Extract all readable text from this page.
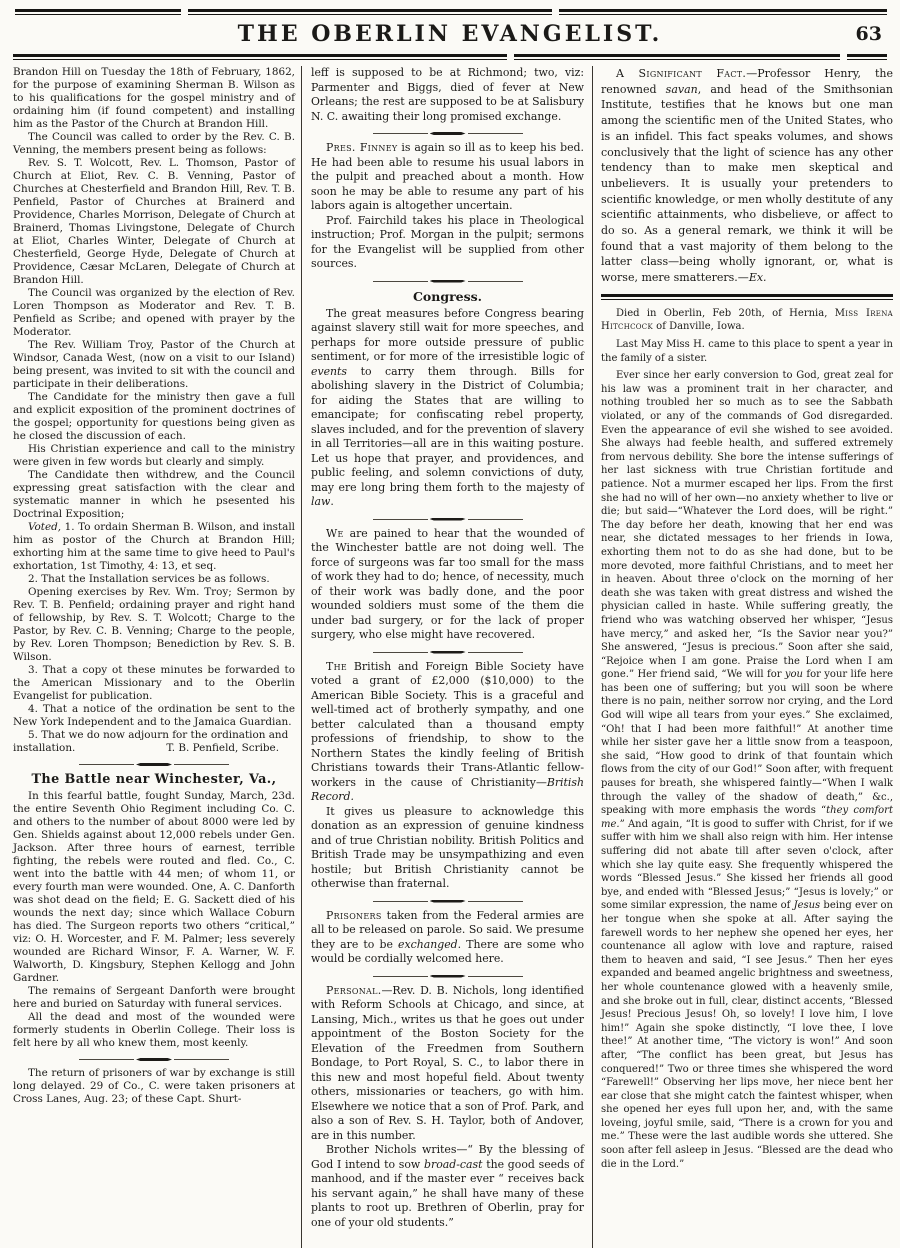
THE OBERLIN EVANGELIST.	63

Brandon Hill on Tuesday the 18th of February, 1862, for the purpose of examining Sherman B. Wilson as to his qualifications for the gospel ministry and of ordaining him (if found competent) and installing him as the Pastor of the Church at Brandon Hill.

The Council was called to order by the Rev. C. B. Venning, the members present being as follows:

Rev. S. T. Wolcott, Rev. L. Thomson, Pastor of Church at Eliot, Rev. C. B. Venning, Pastor of Churches at Chesterfield and Brandon Hill, Rev. T. B. Penfield, Pastor of Churches at Brainerd and Providence, Charles Morrison, Delegate of Church at Brainerd, Thomas Livingstone, Delegate of Church at Eliot, Charles Winter, Delegate of Church at Chesterfield, George Hyde, Delegate of Church at Providence, Cæsar McLaren, Delegate of Church at Brandon Hill.

The Council was organized by the election of Rev. Loren Thompson as Moderator and Rev. T. B. Penfield as Scribe; and opened with prayer by the Moderator.

The Rev. William Troy, Pastor of the Church at Windsor, Canada West, (now on a visit to our Island) being present, was invited to sit with the council and participate in their deliberations.

The Candidate for the ministry then gave a full and explicit exposition of the prominent doctrines of the gospel; opportunity for questions being given as he closed the discussion of each.

His Christian experience and call to the ministry were given in few words but clearly and simply.

The Candidate then withdrew, and the Council expressing great satisfaction with the clear and systematic manner in which he psesented his Doctrinal Exposition;

Voted, 1. To ordain Sherman B. Wilson, and install him as postor of the Church at Brandon Hill; exhorting him at the same time to give heed to Paul's exhortation, 1st Timothy, 4: 13, et seq.

2. That the Installation services be as follows.

Opening exercises by Rev. Wm. Troy; Sermon by Rev. T. B. Penfield; ordaining prayer and right hand of fellowship, by Rev. S. T. Wolcott; Charge to the Pastor, by Rev. C. B. Venning; Charge to the people, by Rev. Loren Thompson; Benediction by Rev. S. B. Wilson.

3. That a copy ot these minutes be forwarded to the American Missionary and to the Oberlin Evangelist for publication.

4. That a notice of the ordination be sent to the New York Independent and to the Jamaica Guardian.

5. That we do now adjourn for the ordination and

installation.	T. B. Penfield, Scribe.
The Battle near Winchester, Va.,

In this fearful battle, fought Sunday, March, 23d. the entire Seventh Ohio Regiment including Co. C. and others to the number of about 8000 were led by Gen. Shields against about 12,000 rebels under Gen. Jackson. After three hours of earnest, terrible fighting, the rebels were routed and fled. Co., C. went into the battle with 44 men; of whom 11, or every fourth man were wounded. One, A. C. Danforth was shot dead on the field; E. G. Sackett died of his wounds the next day; since which Wallace Coburn has died. The Surgeon reports two others “critical,” viz: O. H. Worcester, and F. M. Palmer; less severely wounded are Richard Winsor, F. A. Warner, W. F. Walworth, D. Kingsbury, Stephen Kellogg and John Gardner.

The remains of Sergeant Danforth were brought here and buried on Saturday with funeral services.

All the dead and most of the wounded were formerly students in Oberlin College. Their loss is felt here by all who knew them, most keenly.

The return of prisoners of war by exchange is still long delayed. 29 of Co., C. were taken prisoners at Cross Lanes, Aug. 23; of these Capt. Shurt-

leff is supposed to be at Richmond; two, viz: Parmenter and Biggs, died of fever at New Orleans; the rest are supposed to be at Salisbury N. C. awaiting their long promised exchange.

Pres. Finney is again so ill as to keep his bed. He had been able to resume his usual labors in the pulpit and preached about a month. How soon he may be able to resume any part of his labors again is altogether uncertain.

Prof. Fairchild takes his place in Theological instruction; Prof. Morgan in the pulpit; sermons for the Evangelist will be supplied from other sources.

Congress.

The great measures before Congress bearing against slavery still wait for more speeches, and perhaps for more outside pressure of public sentiment, or for more of the irresistible logic of events to carry them through. Bills for abolishing slavery in the District of Columbia; for aiding the States that are willing to emancipate; for confiscating rebel property, slaves included, and for the prevention of slavery in all Territories—all are in this waiting posture. Let us hope that prayer, and providences, and public feeling, and solemn convictions of duty, may ere long bring them forth to the majesty of law.

We are pained to hear that the wounded of the Winchester battle are not doing well. The force of surgeons was far too small for the mass of work they had to do; hence, of necessity, much of their work was badly done, and the poor wounded soldiers must some of the them die under bad surgery, or for the lack of proper surgery, who else might have recovered.

The British and Foreign Bible Society have voted a grant of £2,000 ($10,000) to the American Bible Society. This is a graceful and well-timed act of brotherly sympathy, and one better calculated than a thousand empty professions of friendship, to show to the Northern States the kindly feeling of British Christians towards their Trans-Atlantic fellow-workers in the cause of Christianity—British Record.

It gives us pleasure to acknowledge this donation as an expression of genuine kindness and of true Christian nobility. British Politics and British Trade may be unsympathizing and even hostile; but British Christianity cannot be otherwise than fraternal.

Prisoners taken from the Federal armies are all to be released on parole. So said. We presume they are to be exchanged. There are some who would be cordially welcomed here.

Personal.—Rev. D. B. Nichols, long identified with Reform Schools at Chicago, and since, at Lansing, Mich., writes us that he goes out under appointment of the Boston Society for the Elevation of the Freedmen from Southern Bondage, to Port Royal, S. C., to labor there in this new and most hopeful field. About twenty others, missionaries or teachers, go with him. Elsewhere we notice that a son of Prof. Park, and also a son of Rev. S. H. Taylor, both of Andover, are in this number.

Brother Nichols writes—“ By the blessing of God I intend to sow broad-cast the good seeds of manhood, and if the master ever “ receives back his servant again,” he shall have many of these plants to root up. Brethren of Oberlin, pray for one of your old students.”

A Significant Fact.—Professor Henry, the renowned savan, and head of the Smithsonian Institute, testifies that he knows but one man among the scientific men of the United States, who is an infidel. This fact speaks volumes, and shows conclusively that the light of science has any other tendency than to make men skeptical and unbelievers. It is usually your pretenders to scientific knowledge, or men wholly destitute of any scientific attainments, who disbelieve, or affect to do so. As a general remark, we think it will be found that a vast majority of them belong to the latter class—being wholly ignorant, or, what is worse, mere smatterers.—Ex.

Died in Oberlin, Feb 20th, of Hernia, Miss Irena Hitchcock of Danville, Iowa.

Last May Miss H. came to this place to spent a year in the family of a sister.

Ever since her early conversion to God, great zeal for his law was a prominent trait in her character, and nothing troubled her so much as to see the Sabbath violated, or any of the commands of God disregarded. Even the appearance of evil she wished to see avoided. She always had feeble health, and suffered extremely from nervous debility. She bore the intense sufferings of her last sickness with true Christian fortitude and patience. Not a murmer escaped her lips. From the first she had no will of her own—no anxiety whether to live or die; but said—“Whatever the Lord does, will be right.” The day before her death, knowing that her end was near, she dictated messages to her friends in Iowa, exhorting them not to do as she had done, but to be more devoted, more faithful Christians, and to meet her in heaven. About three o'clock on the morning of her death she was taken with great distress and wished the physician called in haste. While suffering greatly, the friend who was watching observed her whisper, “Jesus have mercy,” and asked her, “Is the Savior near you?” She answered, “Jesus is precious.” Soon after she said, “Rejoice when I am gone. Praise the Lord when I am gone.” Her friend said, “We will for you for your life here has been one of suffering; but you will soon be where there is no pain, neither sorrow nor crying, and the Lord God will wipe all tears from your eyes.” She exclaimed, “Oh! that I had been more faithful!” At another time while her sister gave her a little snow from a teaspoon, she said, “How good to drink of that fountain which flows from the city of our God!” Soon after, with frequent pauses for breath, she whispered faintly—“When I walk through the valley of the shadow of death,” &c., speaking with more emphasis the words “they comfort me.” And again, “It is good to suffer with Christ, for if we suffer with him we shall also reign with him. Her intense suffering did not abate till after seven o'clock, after which she lay quite easy. She frequently whispered the words “Blessed Jesus.” She kissed her friends all good bye, and ended with “Blessed Jesus;” “Jesus is lovely;” or some similar expression, the name of Jesus being ever on her tongue when she spoke at all. After saying the farewell words to her nephew she opened her eyes, her countenance all aglow with love and rapture, raised them to heaven and said, “I see Jesus.” Then her eyes expanded and beamed angelic brightness and sweetness, her whole countenance glowed with a heavenly smile, and she broke out in full, clear, distinct accents, “Blessed Jesus! Precious Jesus! Oh, so lovely! I love him, I love him!” Again she spoke distinctly, “I love thee, I love thee!” At another time, “The victory is won!” And soon after, “The conflict has been great, but Jesus has conquered!” Two or three times she whispered the word “Farewell!” Observing her lips move, her niece bent her ear close that she might catch the faintest whisper, when she opened her eyes full upon her, and, with the same loveing, joyful smile, said, “There is a crown for you and me.” These were the last audible words she uttered. She soon after fell asleep in Jesus. “Blessed are the dead who die in the Lord.”
